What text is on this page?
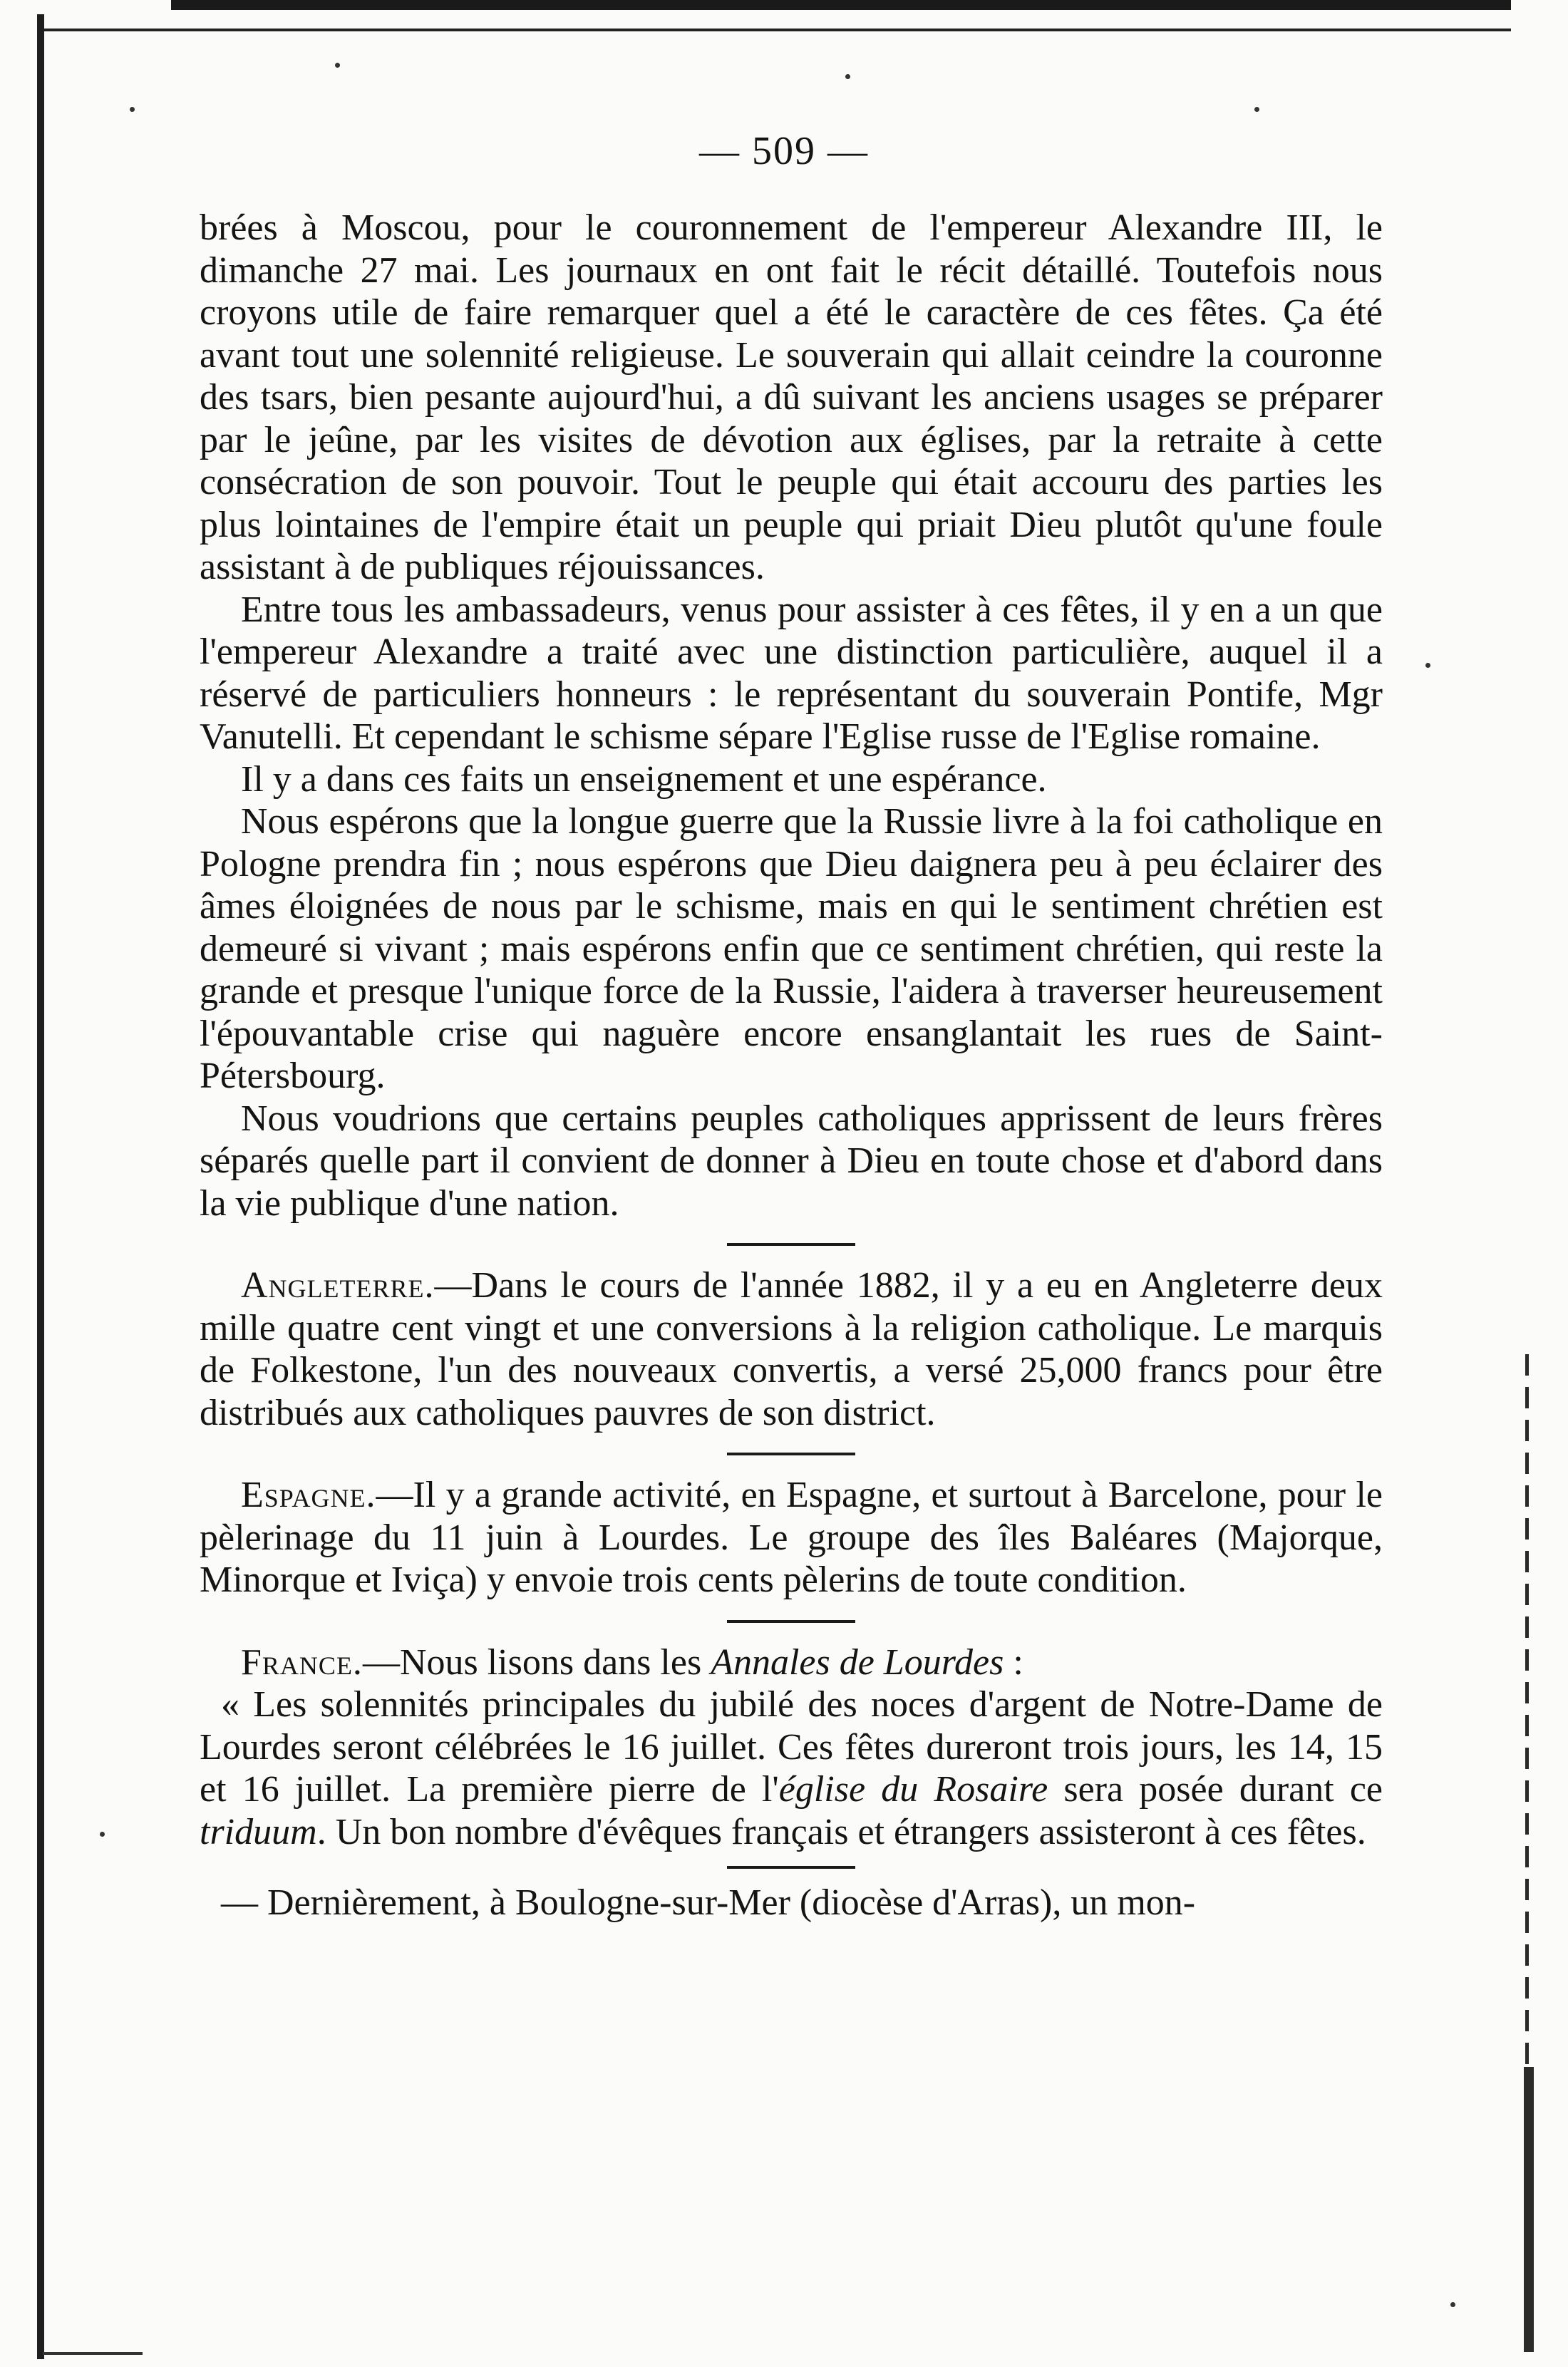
— 509 —

brées à Moscou, pour le couronnement de l'empereur Alexandre III, le dimanche 27 mai. Les journaux en ont fait le récit détaillé. Toutefois nous croyons utile de faire remarquer quel a été le caractère de ces fêtes. Ça été avant tout une solennité religieuse. Le souverain qui allait ceindre la couronne des tsars, bien pesante aujourd'hui, a dû suivant les anciens usages se préparer par le jeûne, par les visites de dévotion aux églises, par la retraite à cette consécration de son pouvoir. Tout le peuple qui était accouru des parties les plus lointaines de l'empire était un peuple qui priait Dieu plutôt qu'une foule assistant à de publiques réjouissances.

Entre tous les ambassadeurs, venus pour assister à ces fêtes, il y en a un que l'empereur Alexandre a traité avec une distinction particulière, auquel il a réservé de particuliers honneurs : le représentant du souverain Pontife, Mgr Vanutelli. Et cependant le schisme sépare l'Eglise russe de l'Eglise romaine.

Il y a dans ces faits un enseignement et une espérance.

Nous espérons que la longue guerre que la Russie livre à la foi catholique en Pologne prendra fin ; nous espérons que Dieu daignera peu à peu éclairer des âmes éloignées de nous par le schisme, mais en qui le sentiment chrétien est demeuré si vivant ; mais espérons enfin que ce sentiment chrétien, qui reste la grande et presque l'unique force de la Russie, l'aidera à traverser heureusement l'épouvantable crise qui naguère encore ensanglantait les rues de Saint-Pétersbourg.

Nous voudrions que certains peuples catholiques apprissent de leurs frères séparés quelle part il convient de donner à Dieu en toute chose et d'abord dans la vie publique d'une nation.

Angleterre.—Dans le cours de l'année 1882, il y a eu en Angleterre deux mille quatre cent vingt et une conversions à la religion catholique. Le marquis de Folkestone, l'un des nouveaux convertis, a versé 25,000 francs pour être distribués aux catholiques pauvres de son district.

Espagne.—Il y a grande activité, en Espagne, et surtout à Barcelone, pour le pèlerinage du 11 juin à Lourdes. Le groupe des îles Baléares (Majorque, Minorque et Iviça) y envoie trois cents pèlerins de toute condition.

France.—Nous lisons dans les Annales de Lourdes :

« Les solennités principales du jubilé des noces d'argent de Notre-Dame de Lourdes seront célébrées le 16 juillet. Ces fêtes dureront trois jours, les 14, 15 et 16 juillet. La première pierre de l'église du Rosaire sera posée durant ce triduum. Un bon nombre d'évêques français et étrangers assisteront à ces fêtes.

— Dernièrement, à Boulogne-sur-Mer (diocèse d'Arras), un mon-
